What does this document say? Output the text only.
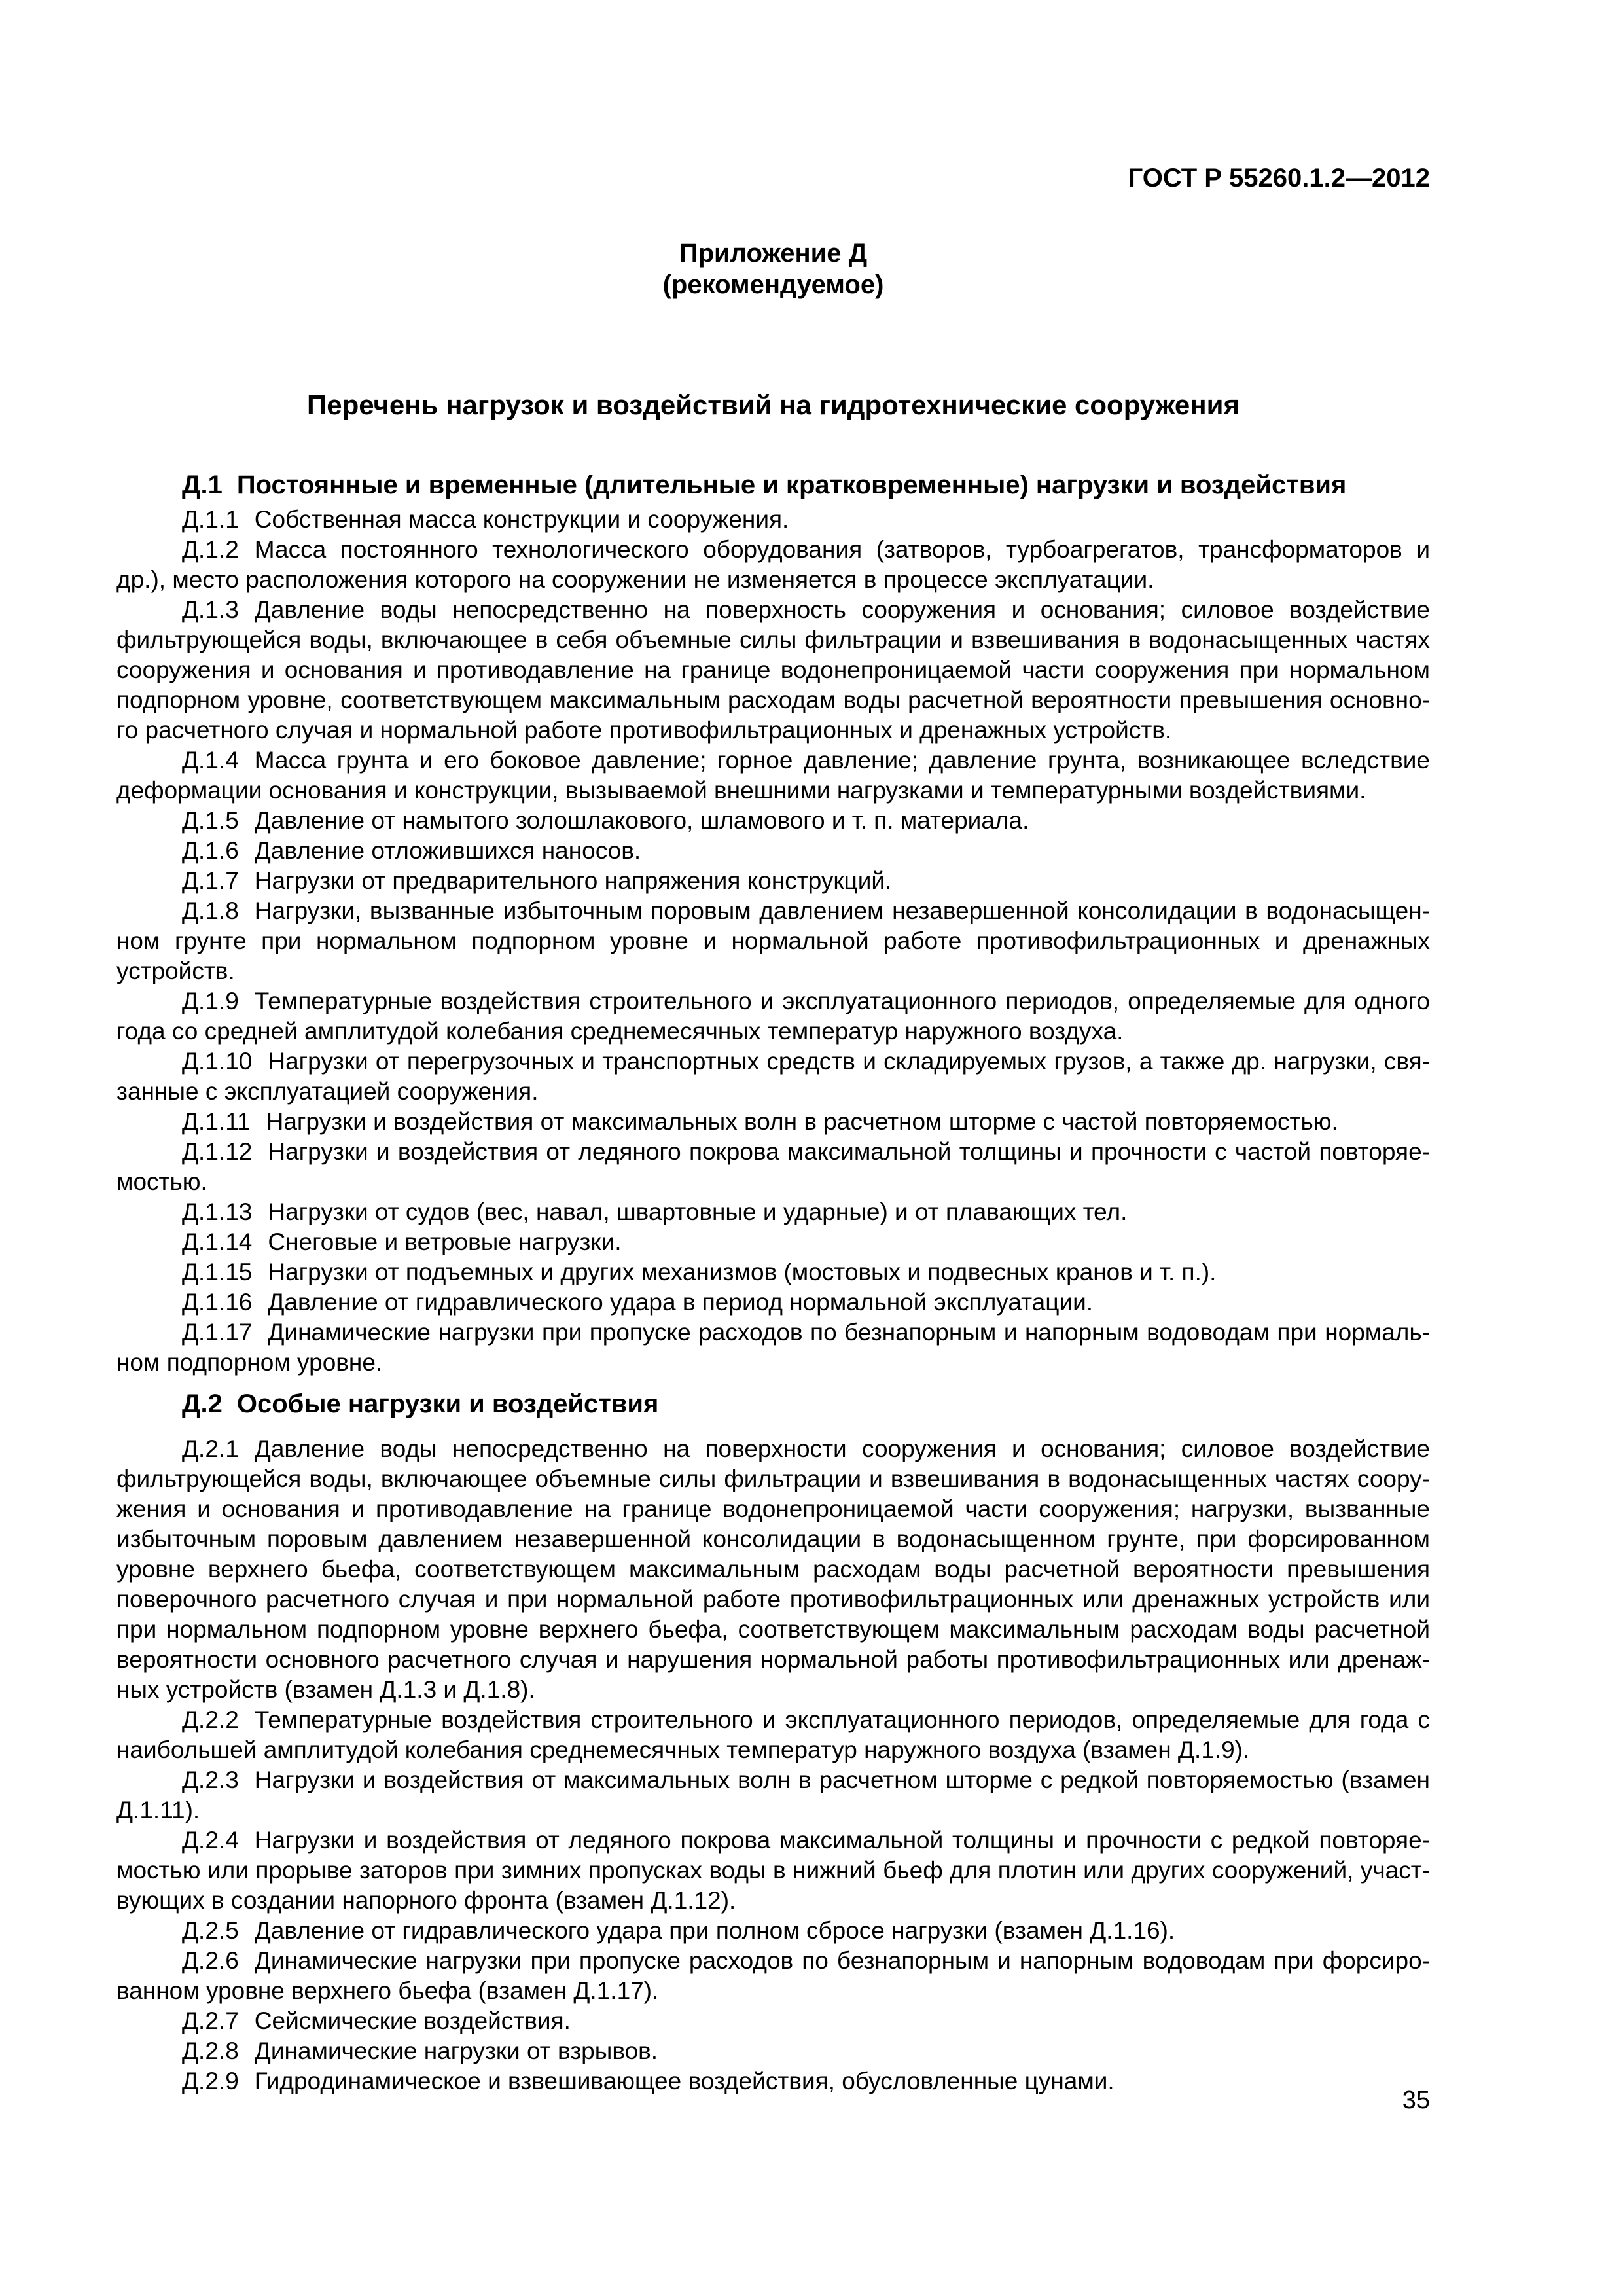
ГОСТ Р 55260.1.2—2012
Приложение Д
(рекомендуемое)
Перечень нагрузок и воздействий на гидротехнические сооружения

Д.1 Постоянные и временные (длительные и кратковременные) нагрузки и воздействия

Д.1.1 Собственная масса конструкции и сооружения.

Д.1.2 Масса постоянного технологического оборудования (затворов, турбоагрегатов, трансформаторов и др.), место расположения которого на сооружении не изменяется в процессе эксплуатации.

Д.1.3 Давление воды непосредственно на поверхность сооружения и основания; силовое воздействие фильтрующейся воды, включающее в себя объемные силы фильтрации и взвешивания в водонасыщенных частях сооружения и основания и противодавление на границе водонепроницаемой части сооружения при нормальном подпорном уровне, соответствующем максимальным расходам воды расчетной вероятности превышения основного расчетного случая и нормальной работе противофильтрационных и дренажных устройств.

Д.1.4 Масса грунта и его боковое давление; горное давление; давление грунта, возникающее вследствие деформации основания и конструкции, вызываемой внешними нагрузками и температурными воздействиями.

Д.1.5 Давление от намытого золошлакового, шламового и т. п. материала.

Д.1.6 Давление отложившихся наносов.

Д.1.7 Нагрузки от предварительного напряжения конструкций.

Д.1.8 Нагрузки, вызванные избыточным поровым давлением незавершенной консолидации в водонасыщенном грунте при нормальном подпорном уровне и нормальной работе противофильтрационных и дренажных устройств.

Д.1.9 Температурные воздействия строительного и эксплуатационного периодов, определяемые для одного года со средней амплитудой колебания среднемесячных температур наружного воздуха.

Д.1.10 Нагрузки от перегрузочных и транспортных средств и складируемых грузов, а также др. нагрузки, связанные с эксплуатацией сооружения.

Д.1.11 Нагрузки и воздействия от максимальных волн в расчетном шторме с частой повторяемостью.

Д.1.12 Нагрузки и воздействия от ледяного покрова максимальной толщины и прочности с частой повторяемостью.

Д.1.13 Нагрузки от судов (вес, навал, швартовные и ударные) и от плавающих тел.

Д.1.14 Снеговые и ветровые нагрузки.

Д.1.15 Нагрузки от подъемных и других механизмов (мостовых и подвесных кранов и т. п.).

Д.1.16 Давление от гидравлического удара в период нормальной эксплуатации.

Д.1.17 Динамические нагрузки при пропуске расходов по безнапорным и напорным водоводам при нормальном подпорном уровне.

Д.2 Особые нагрузки и воздействия

Д.2.1 Давление воды непосредственно на поверхности сооружения и основания; силовое воздействие фильтрующейся воды, включающее объемные силы фильтрации и взвешивания в водонасыщенных частях сооружения и основания и противодавление на границе водонепроницаемой части сооружения; нагрузки, вызванные избыточным поровым давлением незавершенной консолидации в водонасыщенном грунте, при форсированном уровне верхнего бьефа, соответствующем максимальным расходам воды расчетной вероятности превышения поверочного расчетного случая и при нормальной работе противофильтрационных или дренажных устройств или при нормальном подпорном уровне верхнего бьефа, соответствующем максимальным расходам воды расчетной вероятности основного расчетного случая и нарушения нормальной работы противофильтрационных или дренажных устройств (взамен Д.1.3 и Д.1.8).

Д.2.2 Температурные воздействия строительного и эксплуатационного периодов, определяемые для года с наибольшей амплитудой колебания среднемесячных температур наружного воздуха (взамен Д.1.9).

Д.2.3 Нагрузки и воздействия от максимальных волн в расчетном шторме с редкой повторяемостью (взамен Д.1.11).

Д.2.4 Нагрузки и воздействия от ледяного покрова максимальной толщины и прочности с редкой повторяемостью или прорыве заторов при зимних пропусках воды в нижний бьеф для плотин или других сооружений, участвующих в создании напорного фронта (взамен Д.1.12).

Д.2.5 Давление от гидравлического удара при полном сбросе нагрузки (взамен Д.1.16).

Д.2.6 Динамические нагрузки при пропуске расходов по безнапорным и напорным водоводам при форсированном уровне верхнего бьефа (взамен Д.1.17).

Д.2.7 Сейсмические воздействия.

Д.2.8 Динамические нагрузки от взрывов.

Д.2.9 Гидродинамическое и взвешивающее воздействия, обусловленные цунами.

35
